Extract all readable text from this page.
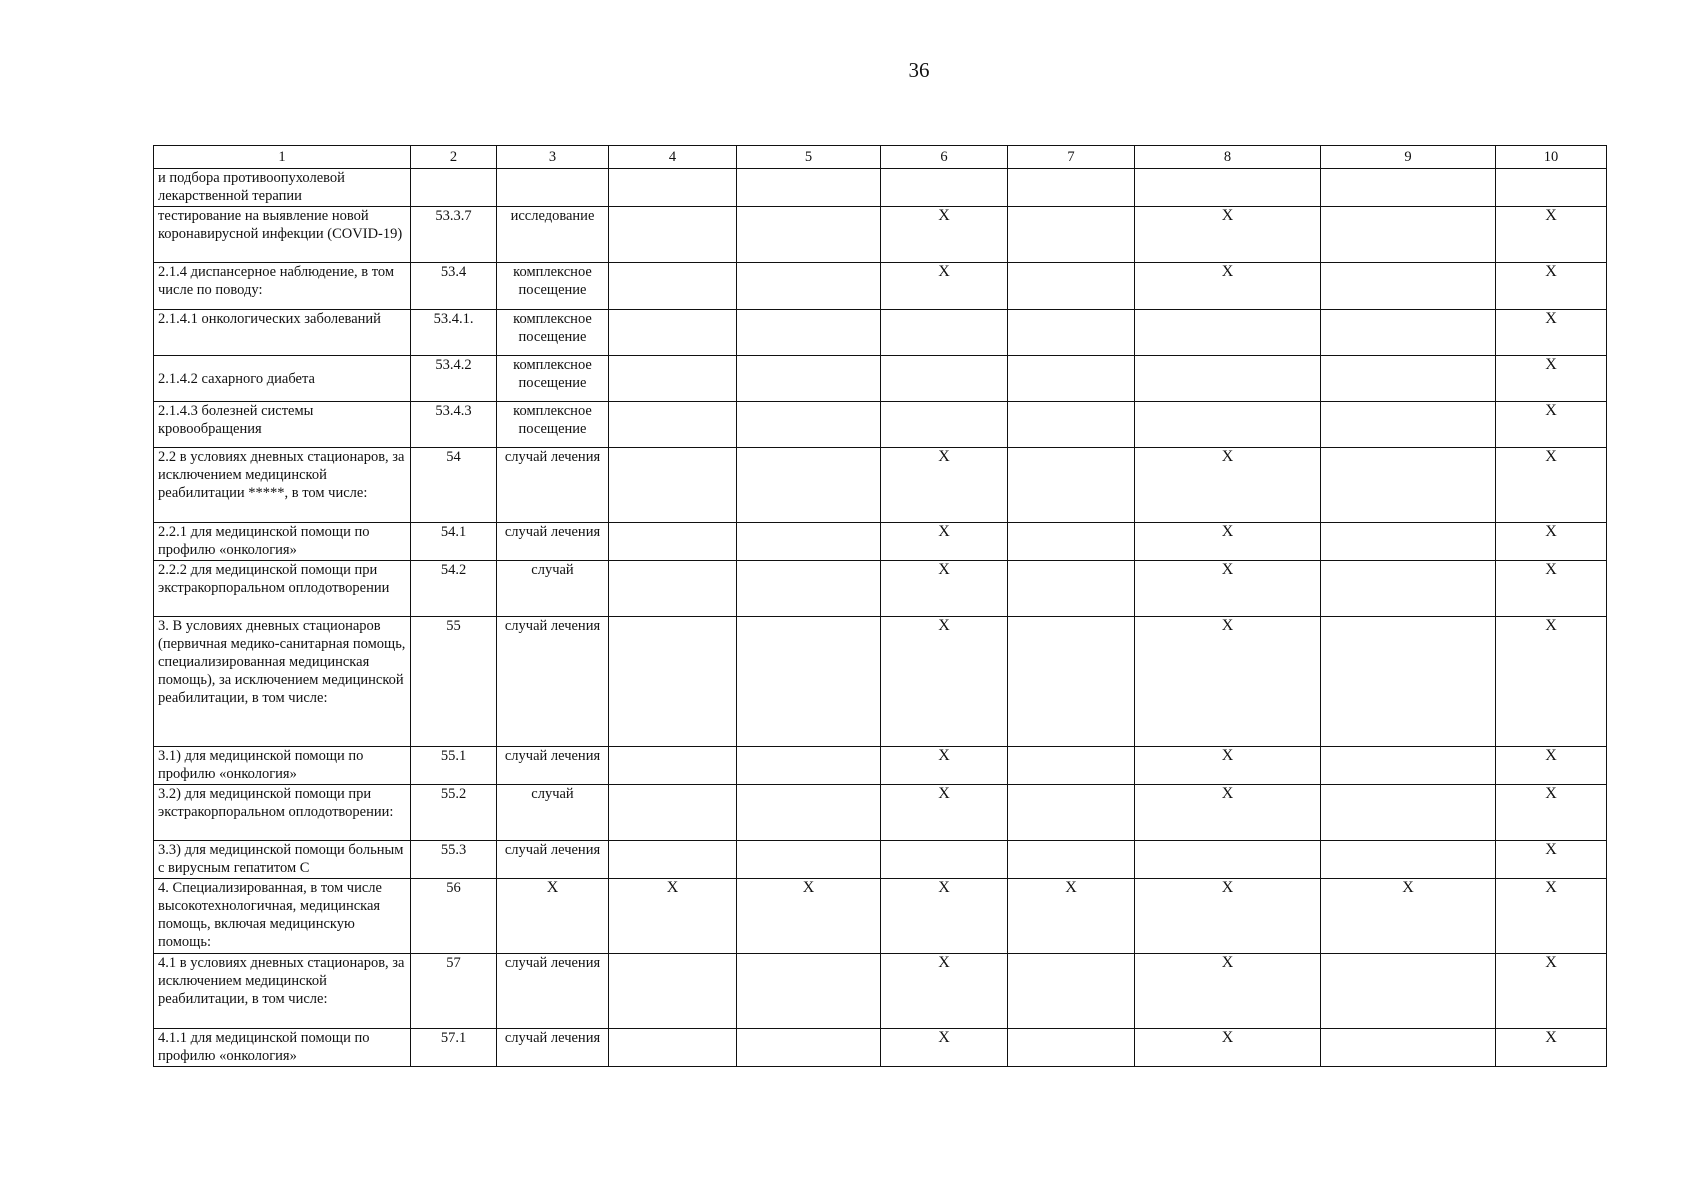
36
1	2	3	4	5	6	7	8	9	10
и подбора противоопухолевой лекарственной терапии									
тестирование на выявление новой коронавирусной инфекции (COVID-19)	53.3.7	исследование			X		X		X
2.1.4 диспансерное наблюдение, в том числе по поводу:	53.4	комплексное посещение			X		X		X
2.1.4.1 онкологических заболеваний	53.4.1.	комплексное посещение							X
2.1.4.2 сахарного диабета	53.4.2	комплексное посещение							X
2.1.4.3 болезней системы кровообращения	53.4.3	комплексное посещение							X
2.2 в условиях дневных стационаров, за исключением медицинской реабилитации *****, в том числе:	54	случай лечения			X		X		X
2.2.1 для медицинской помощи по профилю «онкология»	54.1	случай лечения			X		X		X
2.2.2 для медицинской помощи при экстракорпоральном оплодотворении	54.2	случай			X		X		X
3. В условиях дневных стационаров (первичная медико-санитарная помощь, специализированная медицинская помощь), за исключением медицинской реабилитации, в том числе:	55	случай лечения			X		X		X
3.1) для медицинской помощи по профилю «онкология»	55.1	случай лечения			X		X		X
3.2) для медицинской помощи при экстракорпоральном оплодотворении:	55.2	случай			X		X		X
3.3) для медицинской помощи больным с вирусным гепатитом С	55.3	случай лечения							X
4. Специализированная, в том числе высокотехнологичная, медицинская помощь, включая медицинскую помощь:	56	X	X	X	X	X	X	X	X
4.1 в условиях дневных стационаров, за исключением медицинской реабилитации, в том числе:	57	случай лечения			X		X		X
4.1.1 для медицинской помощи по профилю «онкология»	57.1	случай лечения			X		X		X
